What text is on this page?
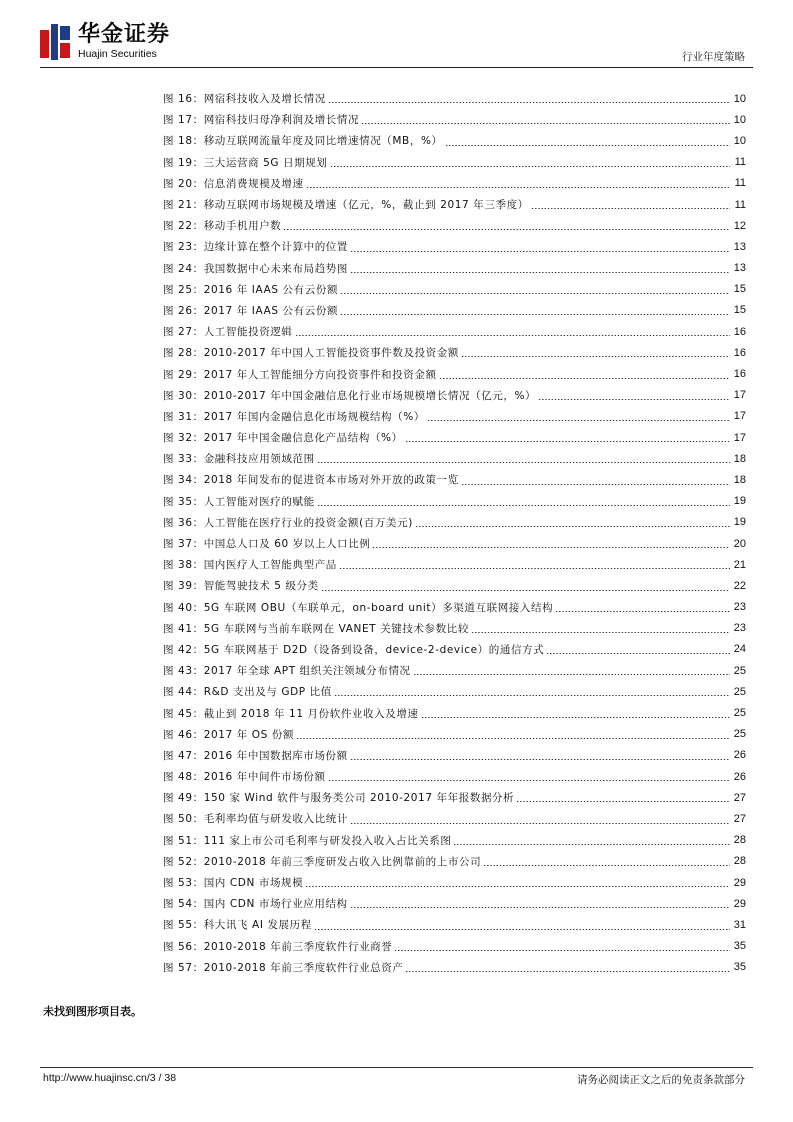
华金证券
Huajin Securities	行业年度策略
图 16：网宿科技收入及增长情况	10
图 17：网宿科技归母净利润及增长情况	10
图 18：移动互联网流量年度及同比增速情况（MB，%）	10
图 19：三大运营商 5G 日期规划	11
图 20：信息消费规模及增速	11
图 21：移动互联网市场规模及增速（亿元，%，截止到 2017 年三季度）	11
图 22：移动手机用户数	12
图 23：边缘计算在整个计算中的位置	13
图 24：我国数据中心未来布局趋势图	13
图 25：2016 年 IAAS 公有云份额	15
图 26：2017 年 IAAS 公有云份额	15
图 27：人工智能投资逻辑	16
图 28：2010-2017 年中国人工智能投资事件数及投资金额	16
图 29：2017 年人工智能细分方向投资事件和投资金额	16
图 30：2010-2017 年中国金融信息化行业市场规模增长情况（亿元，%）	17
图 31：2017 年国内金融信息化市场规模结构（%）	17
图 32：2017 年中国金融信息化产品结构（%）	17
图 33：金融科技应用领域范围	18
图 34：2018 年间发布的促进资本市场对外开放的政策一览	18
图 35：人工智能对医疗的赋能	19
图 36：人工智能在医疗行业的投资金额(百万美元)	19
图 37：中国总人口及 60 岁以上人口比例	20
图 38：国内医疗人工智能典型产品	21
图 39：智能驾驶技术 5 级分类	22
图 40：5G 车联网 OBU（车联单元，on-board unit）多渠道互联网接入结构	23
图 41：5G 车联网与当前车联网在 VANET 关键技术参数比较	23
图 42：5G 车联网基于 D2D（设备到设备，device-2-device）的通信方式	24
图 43：2017 年全球 APT 组织关注领域分布情况	25
图 44：R&D 支出及与 GDP 比值	25
图 45：截止到 2018 年 11 月份软件业收入及增速	25
图 46：2017 年 OS 份额	25
图 47：2016 年中国数据库市场份额	26
图 48：2016 年中间件市场份额	26
图 49：150 家 Wind 软件与服务类公司 2010-2017 年年报数据分析	27
图 50：毛利率均值与研发收入比统计	27
图 51：111 家上市公司毛利率与研发投入收入占比关系图	28
图 52：2010-2018 年前三季度研发占收入比例靠前的上市公司	28
图 53：国内 CDN 市场规模	29
图 54：国内 CDN 市场行业应用结构	29
图 55：科大讯飞 AI 发展历程	31
图 56：2010-2018 年前三季度软件行业商誉	35
图 57：2010-2018 年前三季度软件行业总资产	35
未找到图形项目表。
http://www.huajinsc.cn/3 / 38	请务必阅读正文之后的免责条款部分
